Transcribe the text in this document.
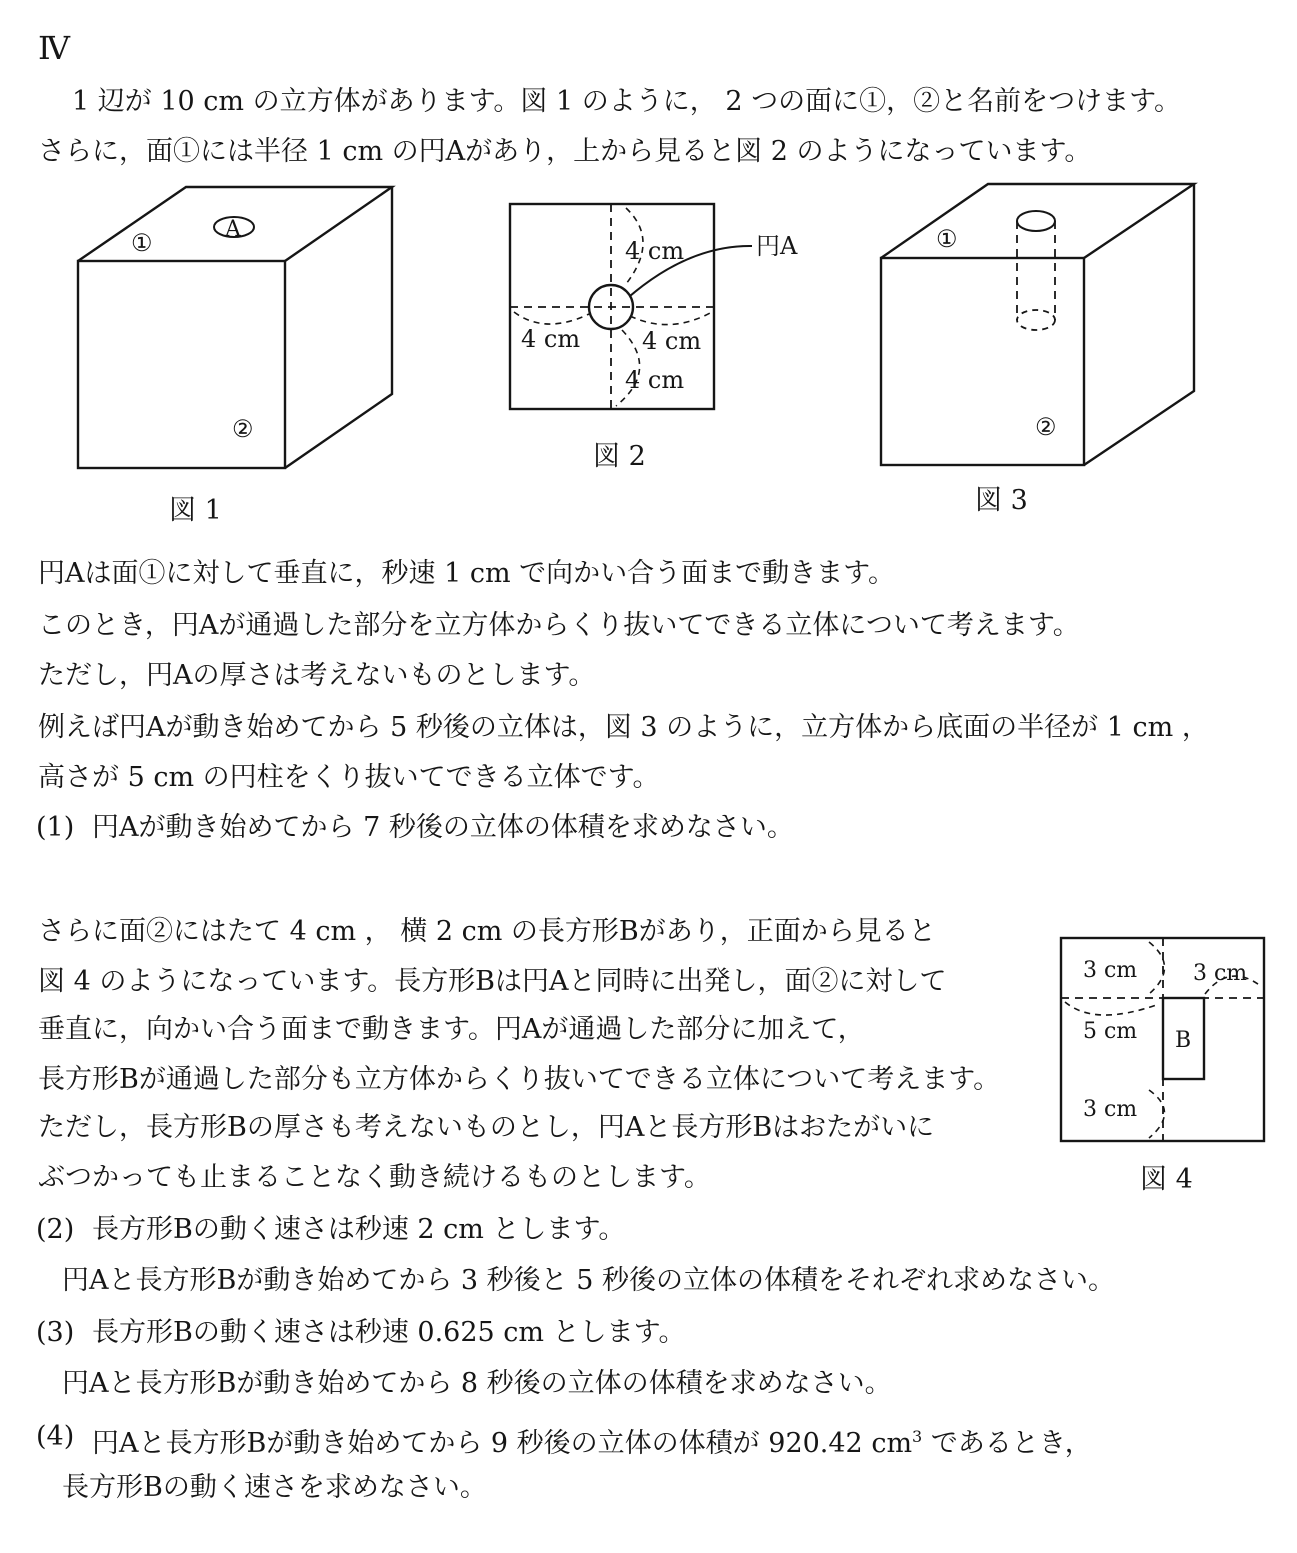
Ⅳ
1 辺が 10 cm の立方体があります。図 1 のように， 2 つの面に①，②と名前をつけます。
さらに，面①には半径 1 cm の円Aがあり，上から見ると図 2 のようになっています。
①
②
A
4 cm
4 cm	4 cm
4 cm
円A	①
②
図 1
図 2
図 3
円Aは面①に対して垂直に，秒速 1 cm で向かい合う面まで動きます。
このとき，円Aが通過した部分を立方体からくり抜いてできる立体について考えます。
ただし，円Aの厚さは考えないものとします。
例えば円Aが動き始めてから 5 秒後の立体は，図 3 のように，立方体から底面の半径が 1 cm ，
高さが 5 cm の円柱をくり抜いてできる立体です。
(1) 円Aが動き始めてから 7 秒後の立体の体積を求めなさい。
さらに面②にはたて 4 cm ， 横 2 cm の長方形Bがあり，正面から見ると
図 4 のようになっています。長方形Bは円Aと同時に出発し，面②に対して
垂直に，向かい合う面まで動きます。円Aが通過した部分に加えて，
長方形Bが通過した部分も立方体からくり抜いてできる立体について考えます。
ただし，長方形Bの厚さも考えないものとし，円Aと長方形Bはおたがいに
ぶつかっても止まることなく動き続けるものとします。
3 cm	3 cm
5 cm
3 cm
B
図 4
(2) 長方形Bの動く速さは秒速 2 cm とします。
円Aと長方形Bが動き始めてから 3 秒後と 5 秒後の立体の体積をそれぞれ求めなさい。
(3) 長方形Bの動く速さは秒速 0.625 cm とします。
円Aと長方形Bが動き始めてから 8 秒後の立体の体積を求めなさい。
(4) 円Aと長方形Bが動き始めてから 9 秒後の立体の体積が 920.42 $cm^3$ であるとき，
長方形Bの動く速さを求めなさい。
